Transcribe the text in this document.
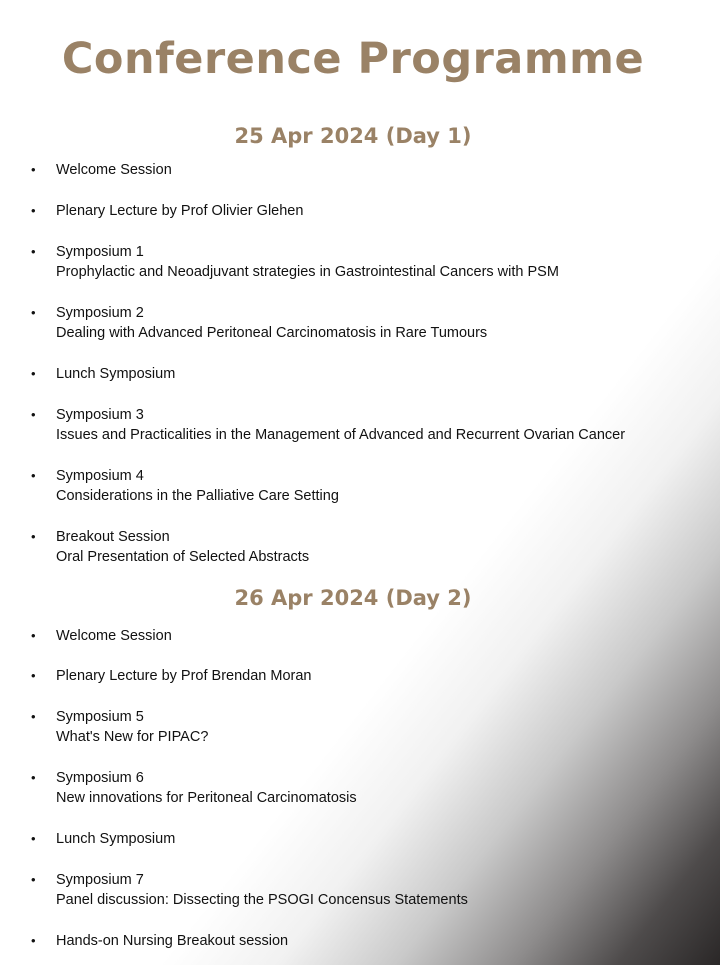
Conference Programme
25 Apr 2024 (Day 1)
• Welcome Session
• Plenary Lecture by Prof Olivier Glehen
• Symposium 1
Prophylactic and Neoadjuvant strategies in Gastrointestinal Cancers with PSM
• Symposium 2
Dealing with Advanced Peritoneal Carcinomatosis in Rare Tumours
• Lunch Symposium
• Symposium 3
Issues and Practicalities in the Management of Advanced and Recurrent Ovarian Cancer
• Symposium 4
Considerations in the Palliative Care Setting
• Breakout Session
Oral Presentation of Selected Abstracts
26 Apr 2024 (Day 2)
• Welcome Session
• Plenary Lecture by Prof Brendan Moran
• Symposium 5
What's New for PIPAC?
• Symposium 6
New innovations for Peritoneal Carcinomatosis
• Lunch Symposium
• Symposium 7
Panel discussion: Dissecting the PSOGI Concensus Statements
• Hands-on Nursing Breakout session
